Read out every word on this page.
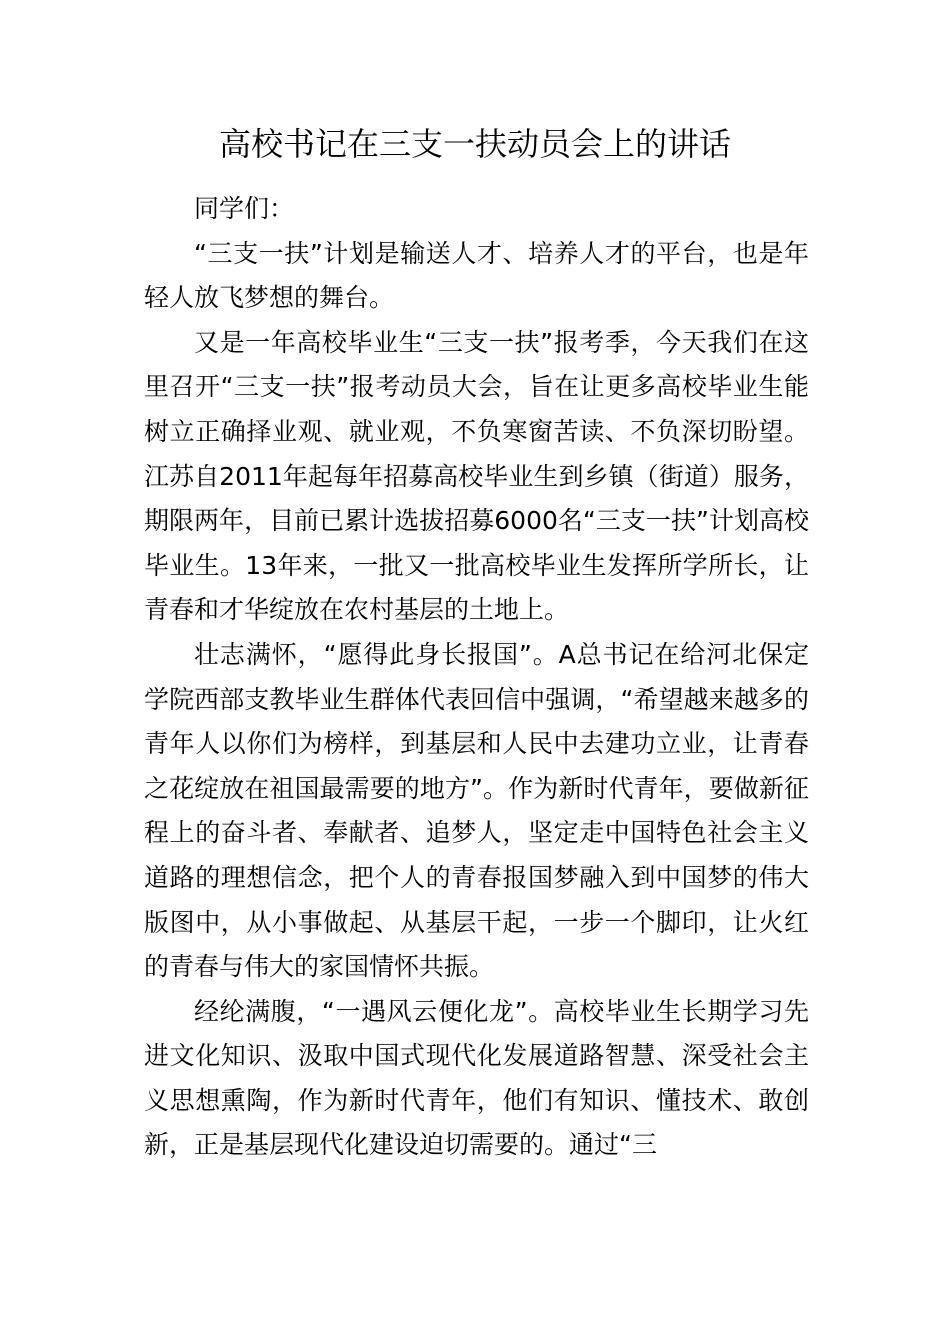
高校书记在三支一扶动员会上的讲话

同学们：

“三支一扶”计划是输送人才、培养人才的平台，也是年轻人放飞梦想的舞台。

又是一年高校毕业生“三支一扶”报考季，今天我们在这里召开“三支一扶”报考动员大会，旨在让更多高校毕业生能树立正确择业观、就业观，不负寒窗苦读、不负深切盼望。江苏自2011年起每年招募高校毕业生到乡镇（街道）服务，期限两年，目前已累计选拔招募6000名“三支一扶”计划高校毕业生。13年来，一批又一批高校毕业生发挥所学所长，让青春和才华绽放在农村基层的土地上。

壮志满怀，“愿得此身长报国”。A总书记在给河北保定学院西部支教毕业生群体代表回信中强调，“希望越来越多的青年人以你们为榜样，到基层和人民中去建功立业，让青春之花绽放在祖国最需要的地方”。作为新时代青年，要做新征程上的奋斗者、奉献者、追梦人，坚定走中国特色社会主义道路的理想信念，把个人的青春报国梦融入到中国梦的伟大版图中，从小事做起、从基层干起，一步一个脚印，让火红的青春与伟大的家国情怀共振。

经纶满腹，“一遇风云便化龙”。高校毕业生长期学习先进文化知识、汲取中国式现代化发展道路智慧、深受社会主义思想熏陶，作为新时代青年，他们有知识、懂技术、敢创新，正是基层现代化建设迫切需要的。通过“三
